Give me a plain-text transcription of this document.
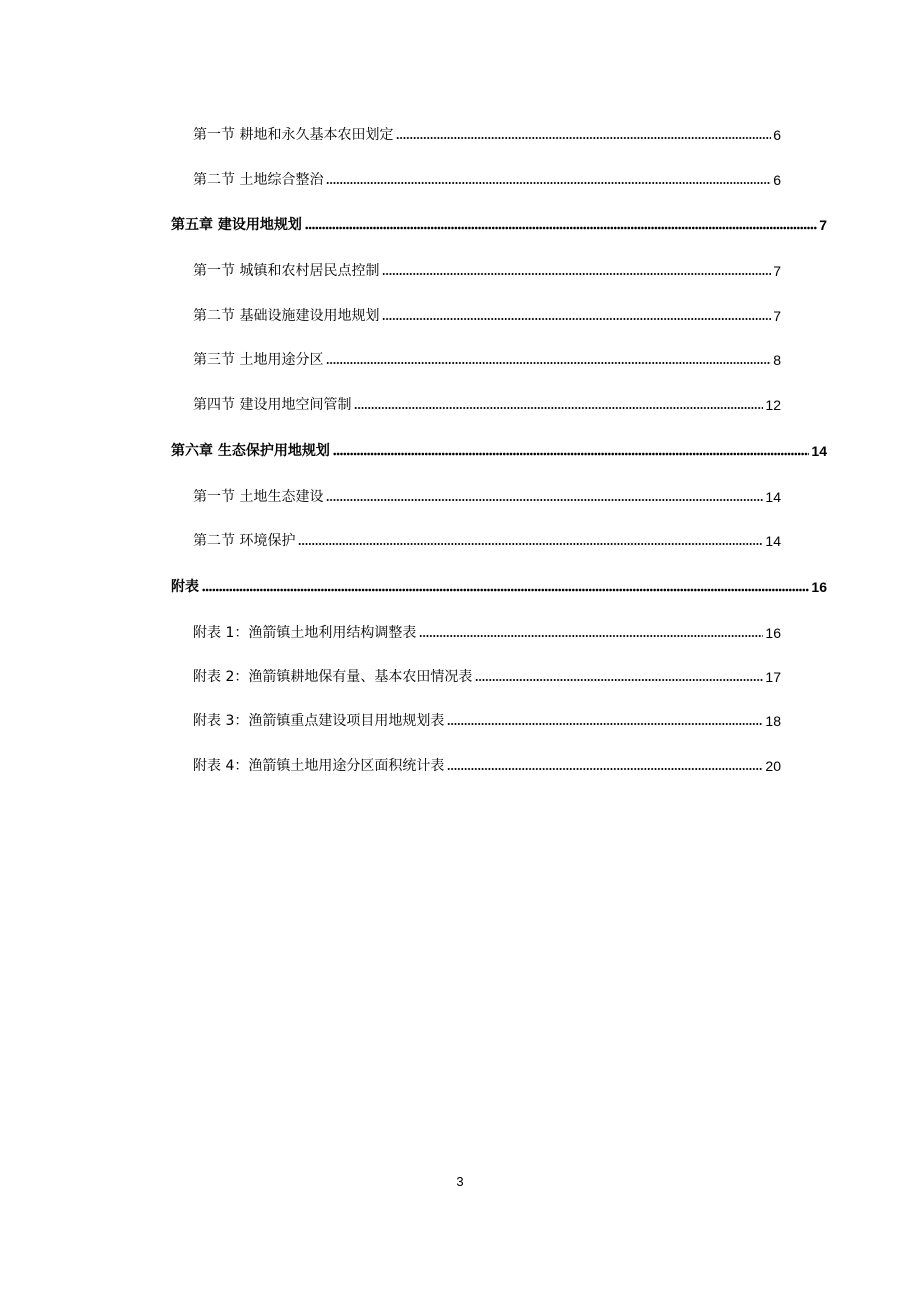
第一节 耕地和永久基本农田划定	6
第二节 土地综合整治	6
第五章 建设用地规划	7
第一节 城镇和农村居民点控制	7
第二节 基础设施建设用地规划	7
第三节 土地用途分区	8
第四节 建设用地空间管制	12
第六章 生态保护用地规划	14
第一节 土地生态建设	14
第二节 环境保护	14
附表	16
附表 1：渔箭镇土地利用结构调整表	16
附表 2：渔箭镇耕地保有量、基本农田情况表	17
附表 3：渔箭镇重点建设项目用地规划表	18
附表 4：渔箭镇土地用途分区面积统计表	20
3
